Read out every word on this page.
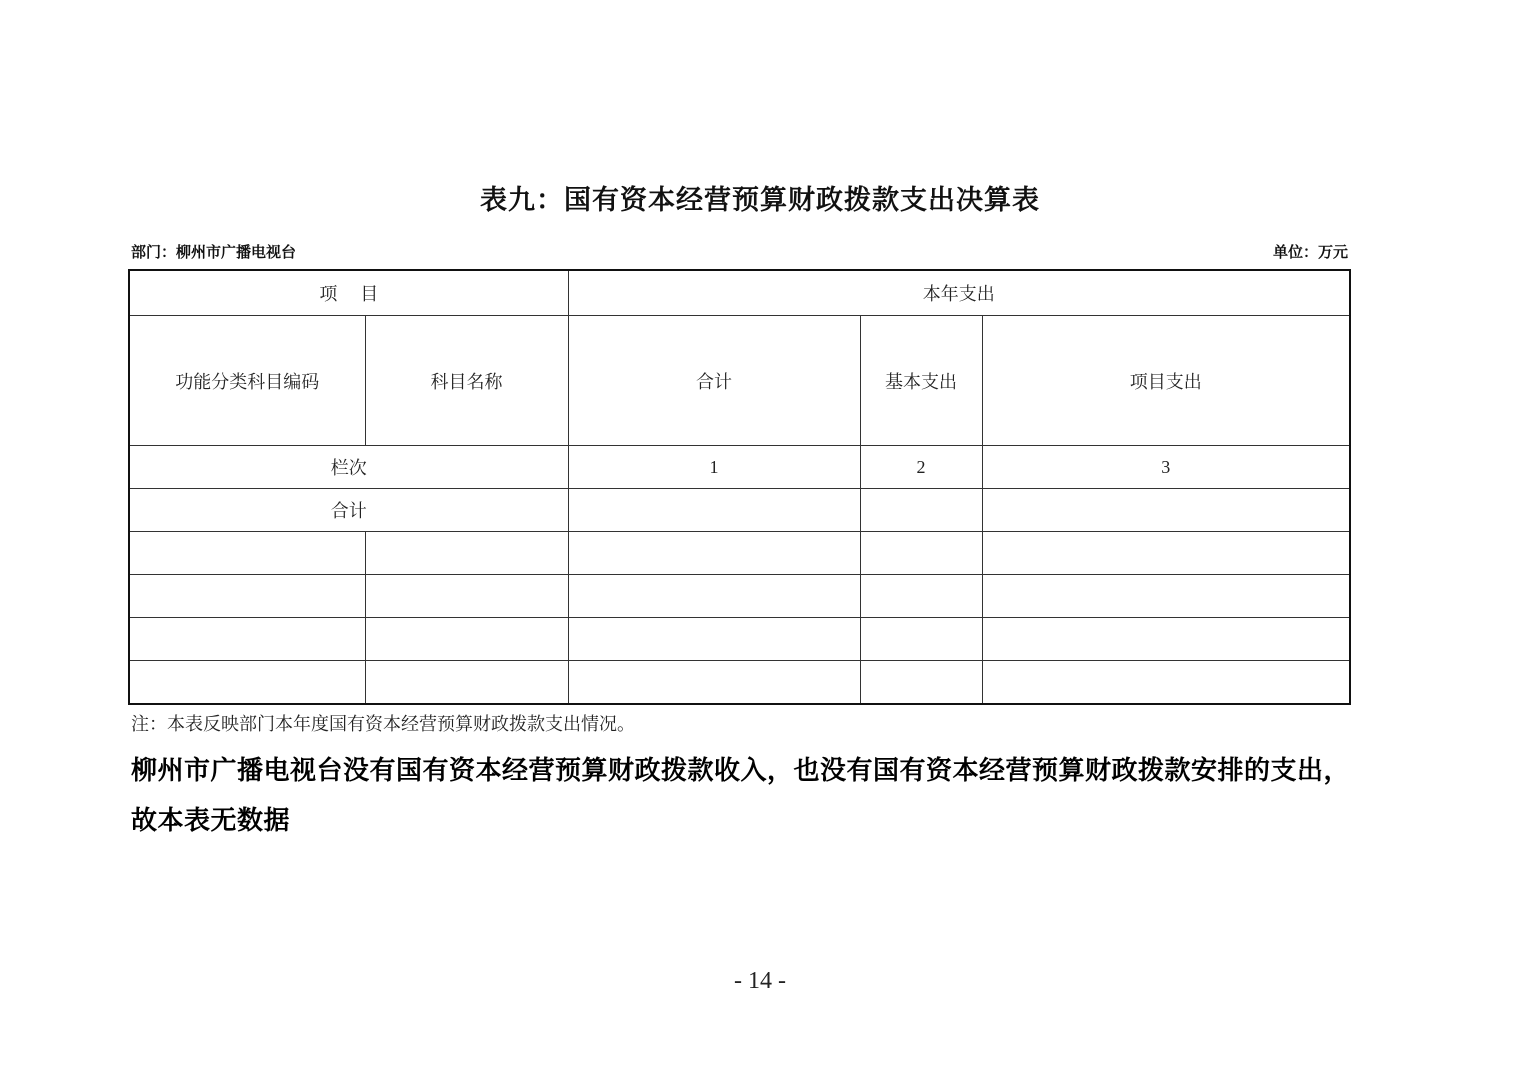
表九：国有资本经营预算财政拨款支出决算表
部门：柳州市广播电视台	单位：万元
项    目		本年支出		
功能分类科目编码	科目名称	合计	基本支出	项目支出
栏次		1	2	3
合计				

注：本表反映部门本年度国有资本经营预算财政拨款支出情况。
柳州市广播电视台没有国有资本经营预算财政拨款收入，也没有国有资本经营预算财政拨款安排的支出，故本表无数据
- 14 -
